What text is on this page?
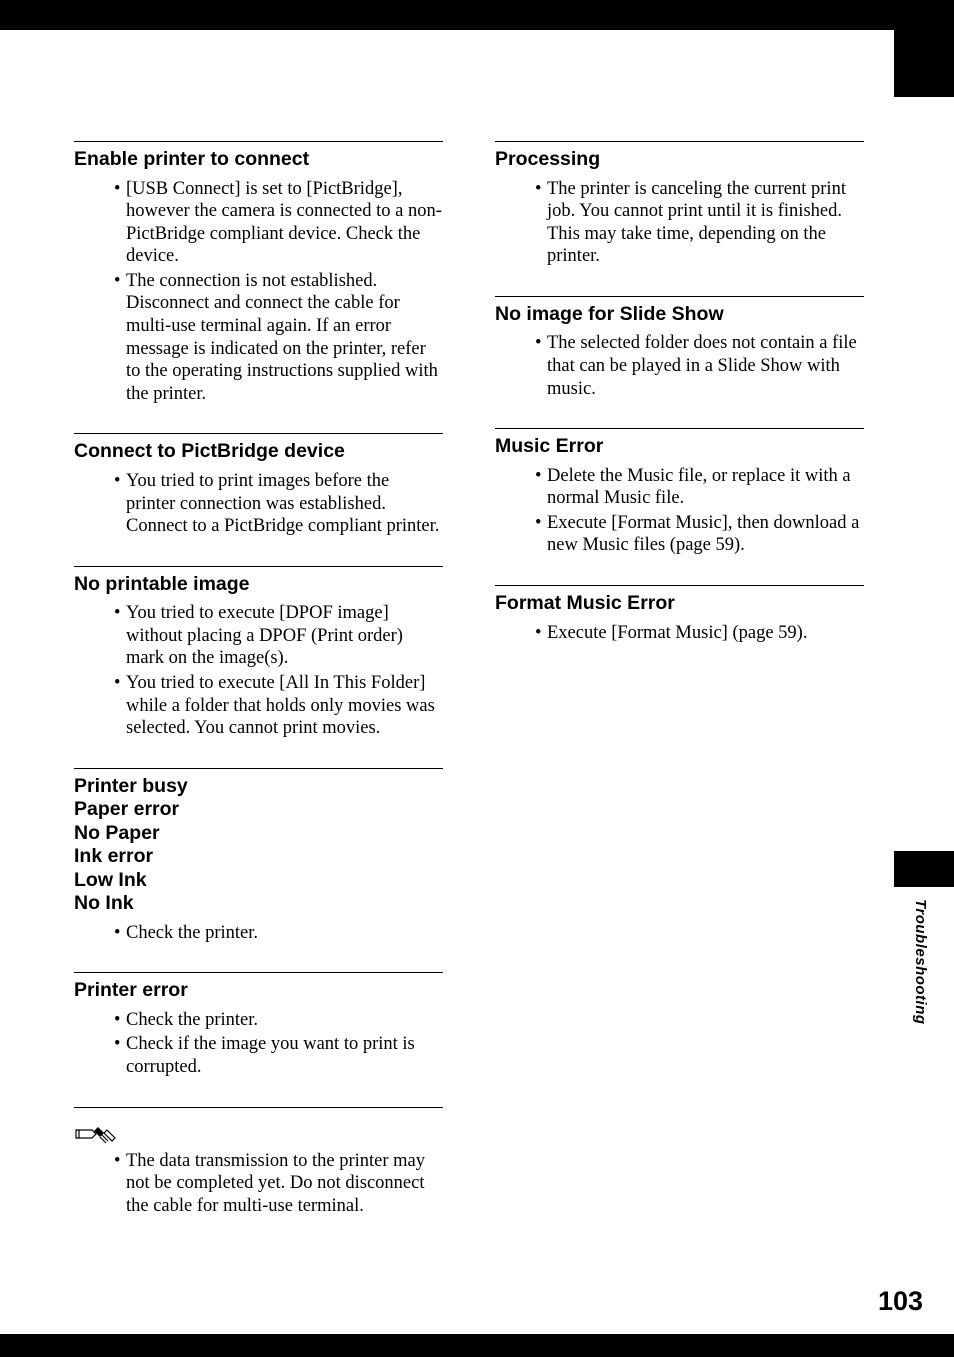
Enable printer to connect

• [USB Connect] is set to [PictBridge], however the camera is connected to a non-PictBridge compliant device. Check the device.

• The connection is not established. Disconnect and connect the cable for multi-use terminal again. If an error message is indicated on the printer, refer to the operating instructions supplied with the printer.

Connect to PictBridge device

• You tried to print images before the printer connection was established. Connect to a PictBridge compliant printer.

No printable image

• You tried to execute [DPOF image] without placing a DPOF (Print order) mark on the image(s).

• You tried to execute [All In This Folder] while a folder that holds only movies was selected. You cannot print movies.

Printer busy
Paper error
No Paper
Ink error
Low Ink
No Ink

• Check the printer.

Printer error

• Check the printer.

• Check if the image you want to print is corrupted.

• The data transmission to the printer may not be completed yet. Do not disconnect the cable for multi-use terminal.

Processing

• The printer is canceling the current print job. You cannot print until it is finished. This may take time, depending on the printer.

No image for Slide Show

• The selected folder does not contain a file that can be played in a Slide Show with music.

Music Error

• Delete the Music file, or replace it with a normal Music file.

• Execute [Format Music], then download a new Music files (page 59).

Format Music Error

• Execute [Format Music] (page 59).

Troubleshooting
103
